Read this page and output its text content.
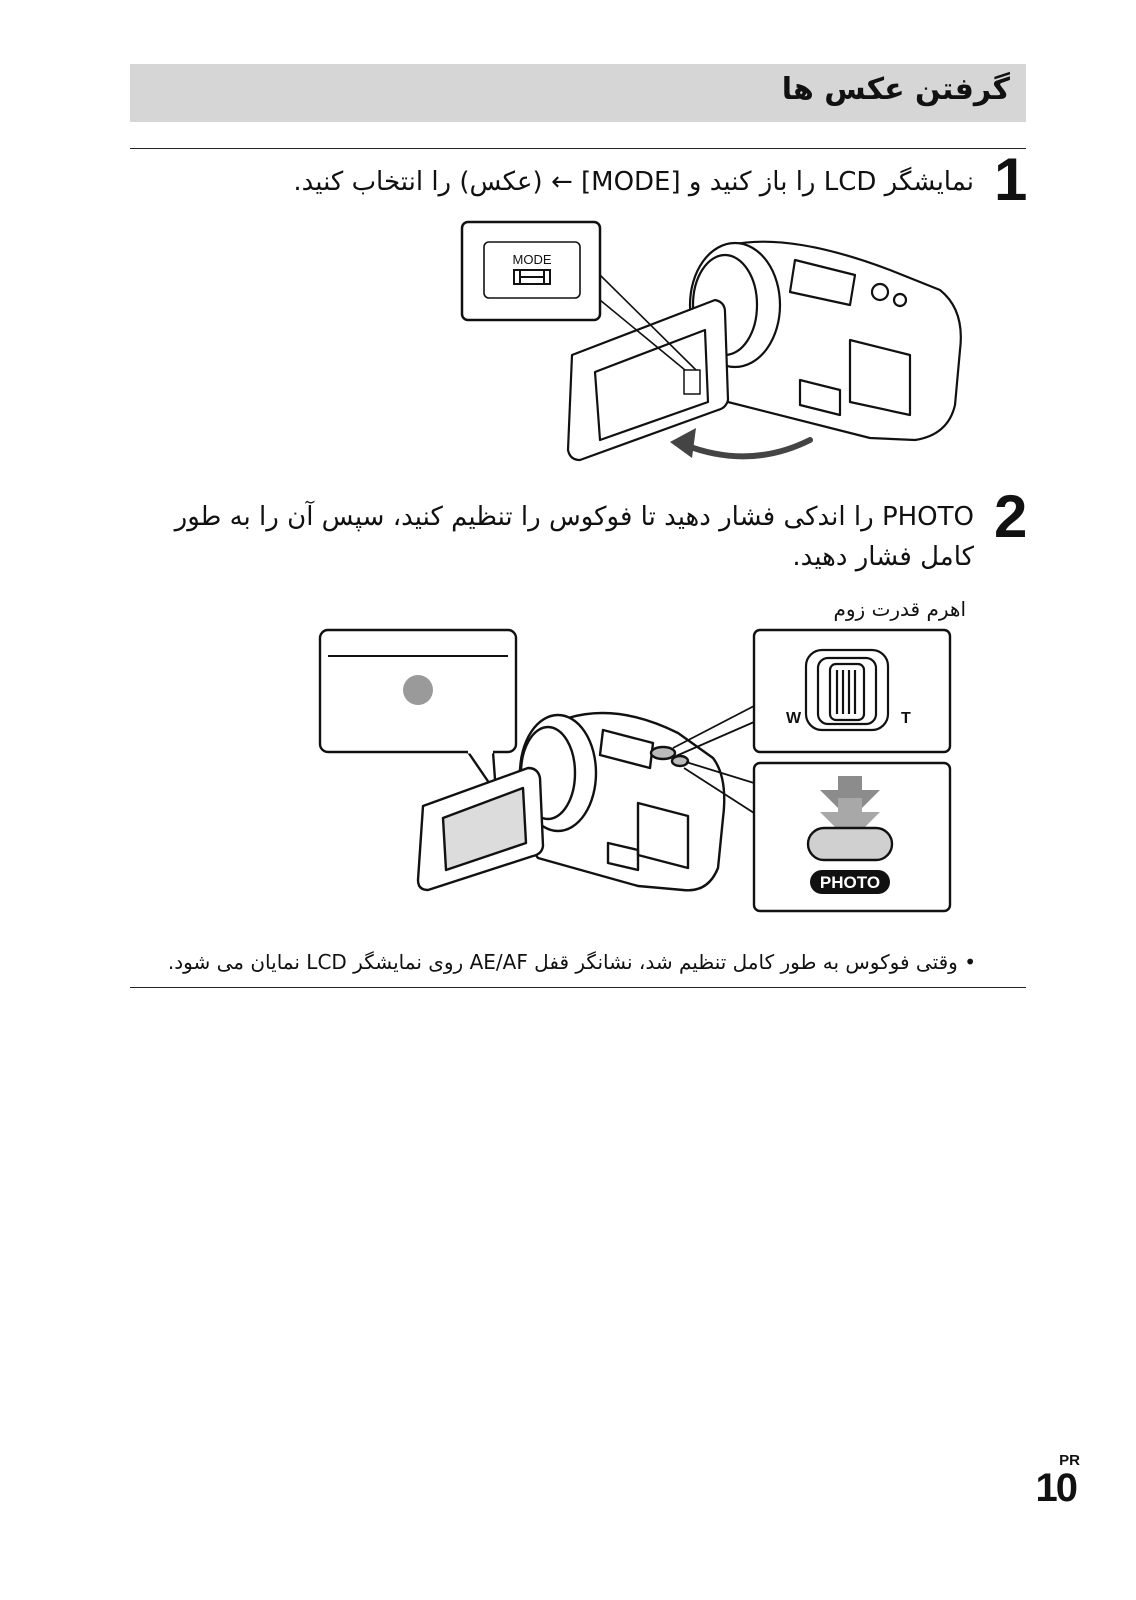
گرفتن عکس ها
1
نمایشگر LCD را باز کنید و [MODE] ← (عکس) را انتخاب کنید.
MODE
2
PHOTO را اندکی فشار دهید تا فوکوس را تنظیم کنید، سپس آن را به طور کامل فشار دهید.
اهرم قدرت زوم
W	T
PHOTO
• وقتی فوکوس به طور کامل تنظیم شد، نشانگر قفل AE/AF روی نمایشگر LCD نمایان می شود.
PR
10
